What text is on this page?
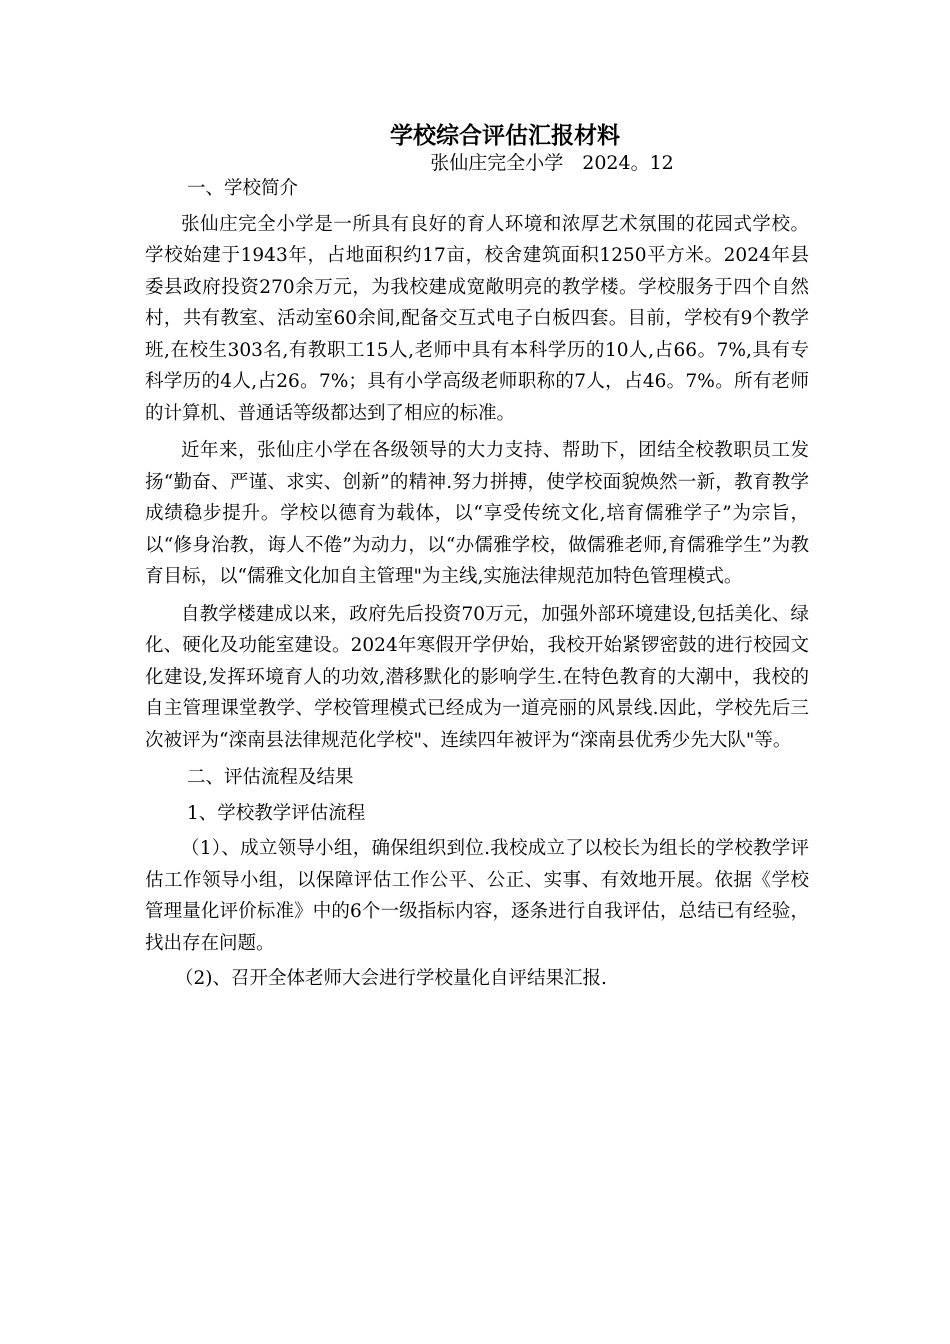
学校综合评估汇报材料
张仙庄完全小学　2024。12

一、学校简介

张仙庄完全小学是一所具有良好的育人环境和浓厚艺术氛围的花园式学校。学校始建于1943年，占地面积约17亩，校舍建筑面积1250平方米。2024年县委县政府投资270余万元，为我校建成宽敞明亮的教学楼。学校服务于四个自然村，共有教室、活动室60余间,配备交互式电子白板四套。目前，学校有9个教学班,在校生303名,有教职工15人,老师中具有本科学历的10人,占66。7%,具有专科学历的4人,占26。7%；具有小学高级老师职称的7人，占46。7%。所有老师的计算机、普通话等级都达到了相应的标准。

近年来，张仙庄小学在各级领导的大力支持、帮助下，团结全校教职员工发扬“勤奋、严谨、求实、创新”的精神.努力拼搏，使学校面貌焕然一新，教育教学成绩稳步提升。学校以德育为载体，以“享受传统文化,培育儒雅学子”为宗旨，以“修身治教，诲人不倦”为动力，以“办儒雅学校，做儒雅老师,育儒雅学生”为教育目标，以“儒雅文化加自主管理"为主线,实施法律规范加特色管理模式。

自教学楼建成以来，政府先后投资70万元，加强外部环境建设,包括美化、绿化、硬化及功能室建设。2024年寒假开学伊始，我校开始紧锣密鼓的进行校园文化建设,发挥环境育人的功效,潜移默化的影响学生.在特色教育的大潮中，我校的自主管理课堂教学、学校管理模式已经成为一道亮丽的风景线.因此，学校先后三次被评为“滦南县法律规范化学校"、连续四年被评为“滦南县优秀少先大队"等。

二、评估流程及结果

1、学校教学评估流程

（1）、成立领导小组，确保组织到位.我校成立了以校长为组长的学校教学评估工作领导小组，以保障评估工作公平、公正、实事、有效地开展。依据《学校管理量化评价标准》中的6个一级指标内容，逐条进行自我评估，总结已有经验，找出存在问题。

（2)、召开全体老师大会进行学校量化自评结果汇报.
